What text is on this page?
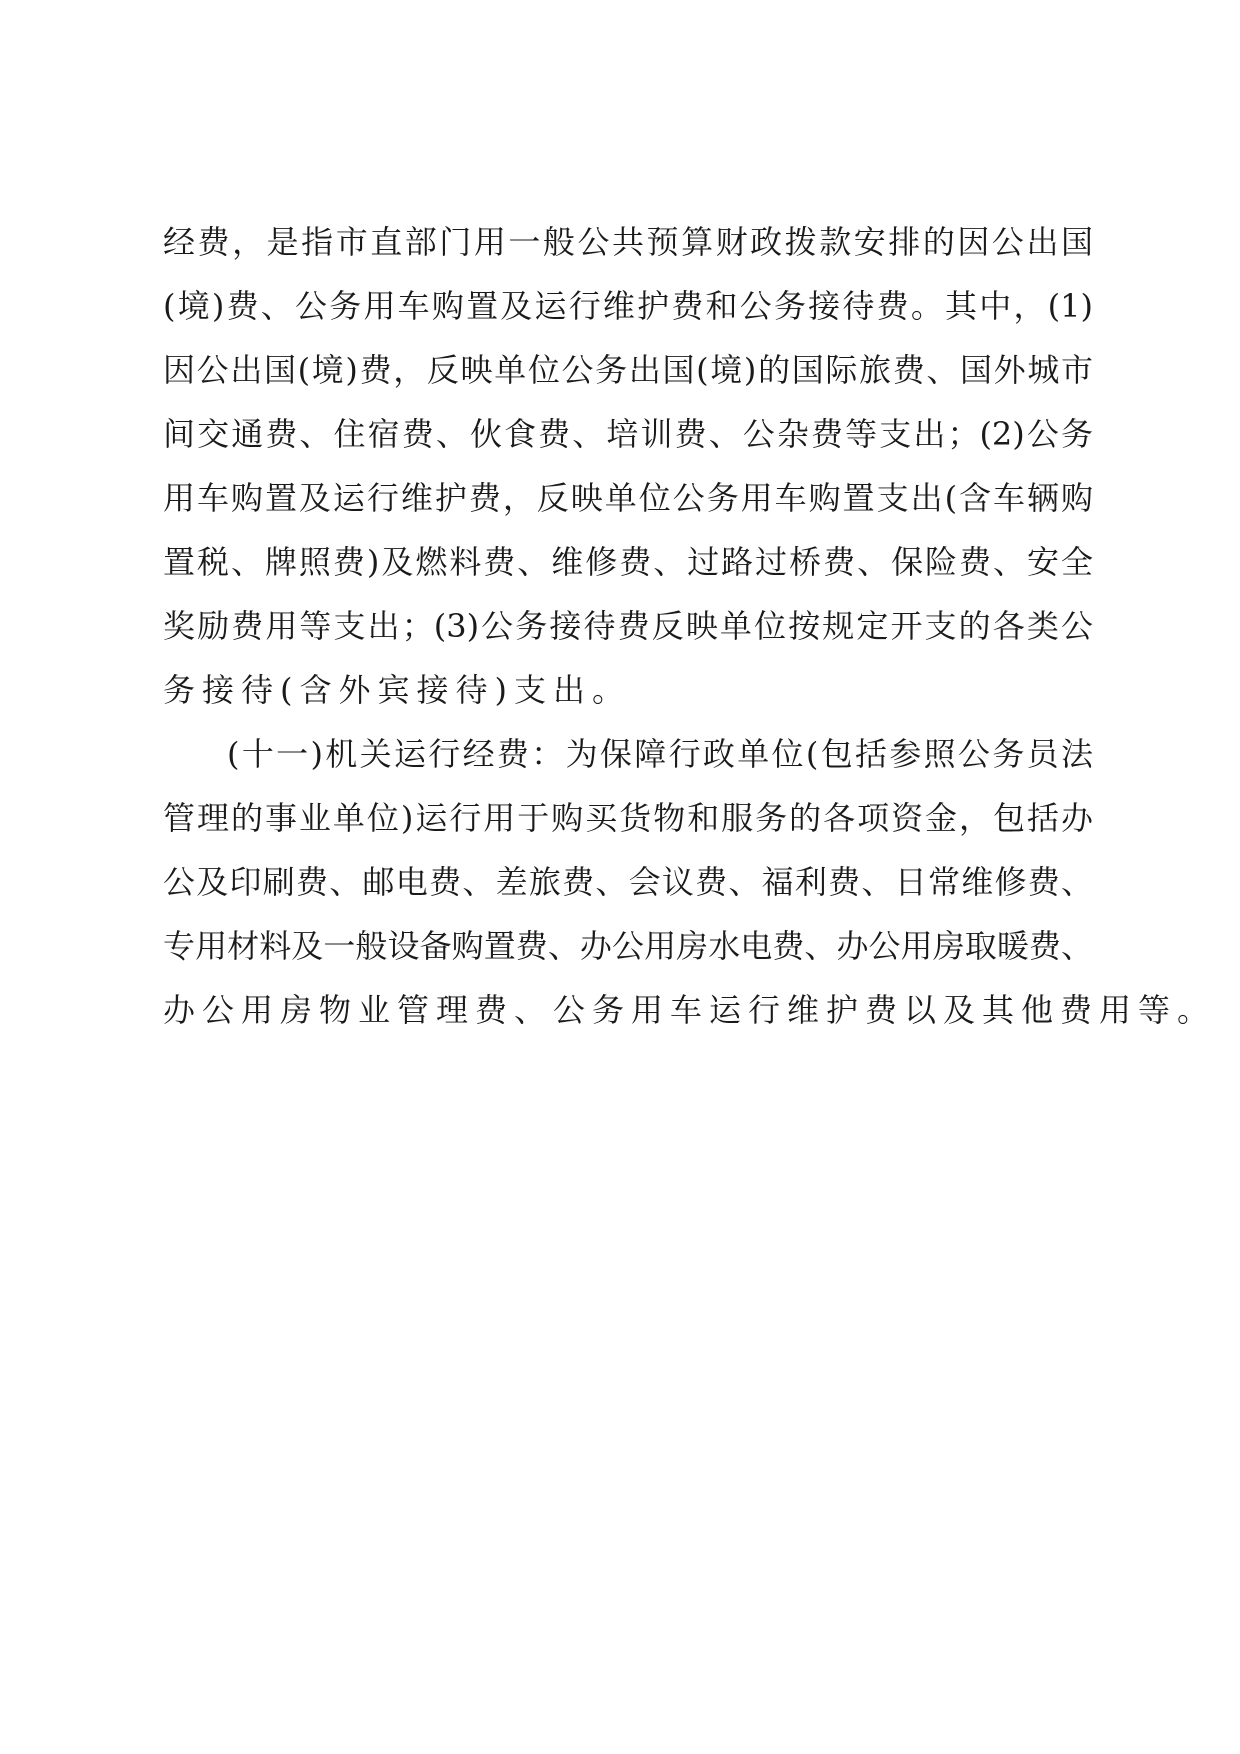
经费，是指市直部门用一般公共预算财政拨款安排的因公出国
(境)费、公务用车购置及运行维护费和公务接待费。其中，(1)
因公出国(境)费，反映单位公务出国(境)的国际旅费、国外城市
间交通费、住宿费、伙食费、培训费、公杂费等支出；(2)公务
用车购置及运行维护费，反映单位公务用车购置支出(含车辆购
置税、牌照费)及燃料费、维修费、过路过桥费、保险费、安全
奖励费用等支出；(3)公务接待费反映单位按规定开支的各类公
务接待(含外宾接待)支出。
(十一)机关运行经费：为保障行政单位(包括参照公务员法
管理的事业单位)运行用于购买货物和服务的各项资金，包括办
公及印刷费、邮电费、差旅费、会议费、福利费、日常维修费、
专用材料及一般设备购置费、办公用房水电费、办公用房取暖费、
办公用房物业管理费、公务用车运行维护费以及其他费用等。
